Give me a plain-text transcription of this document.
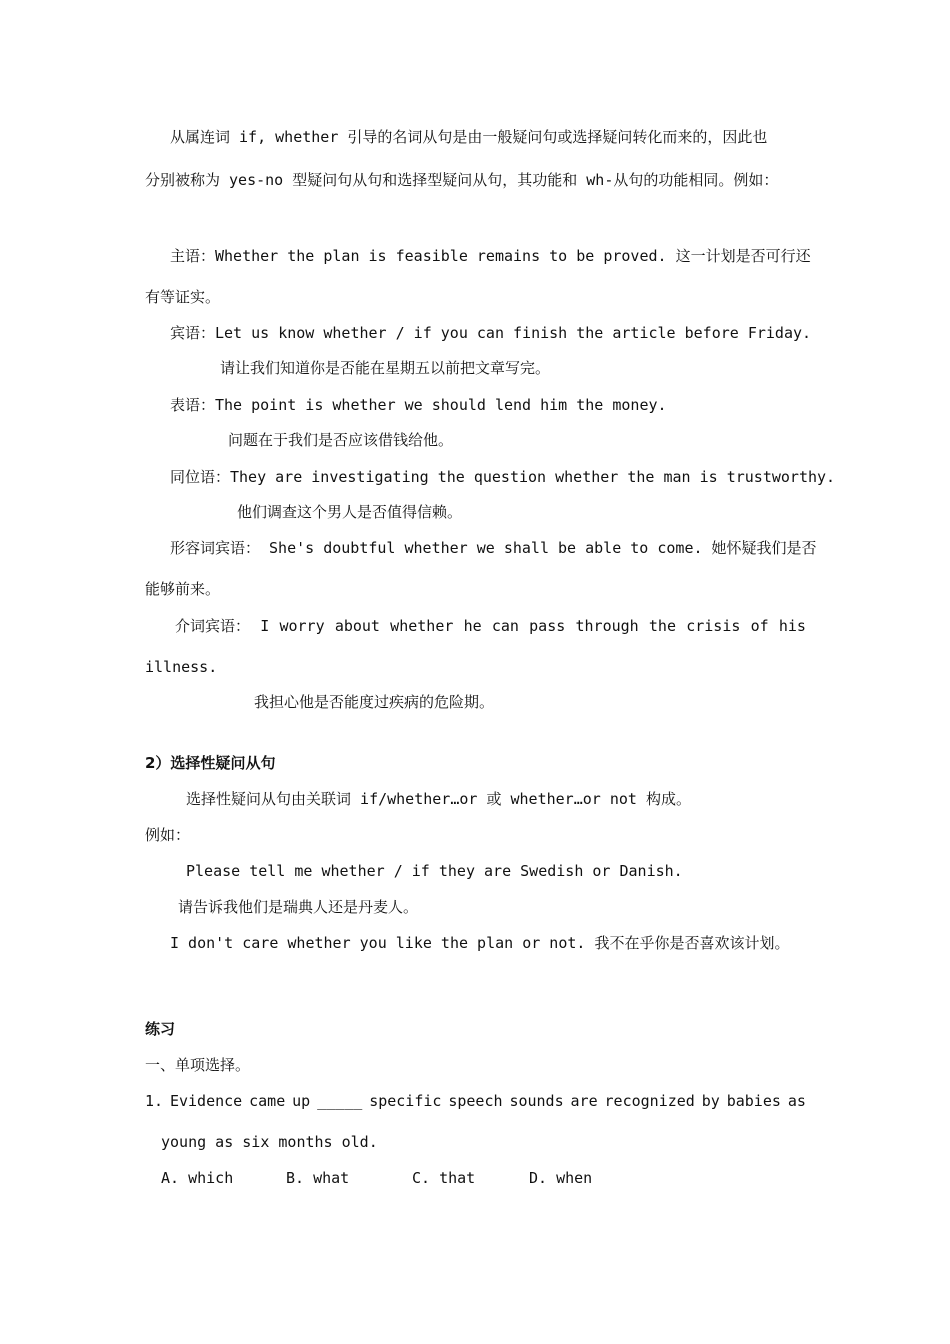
从属连词 if, whether 引导的名词从句是由一般疑问句或选择疑问转化而来的，因此也
分别被称为 yes-no 型疑问句从句和选择型疑问从句，其功能和 wh-从句的功能相同。例如：
主语：Whether the plan is feasible remains to be proved. 这一计划是否可行还
有等证实。
宾语：Let us know whether / if you can finish the article before Friday.
请让我们知道你是否能在星期五以前把文章写完。
表语：The point is whether we should lend him the money.
问题在于我们是否应该借钱给他。
同位语：They are investigating the question whether the man is trustworthy.
他们调查这个男人是否值得信赖。
形容词宾语： She's doubtful whether we shall be able to come. 她怀疑我们是否
能够前来。
介词宾语： I worry about whether he can pass through the crisis of his
illness.
我担心他是否能度过疾病的危险期。
2）选择性疑问从句
选择性疑问从句由关联词 if/whether…or 或 whether…or not 构成。
例如：
Please tell me whether / if they are Swedish or Danish.
请告诉我他们是瑞典人还是丹麦人。
I don't care whether you like the plan or not. 我不在乎你是否喜欢该计划。
练习
一、单项选择。
1. Evidence came up _____ specific speech sounds are recognized by babies as
young as six months old.
A. which	B. what	C. that	D. when
